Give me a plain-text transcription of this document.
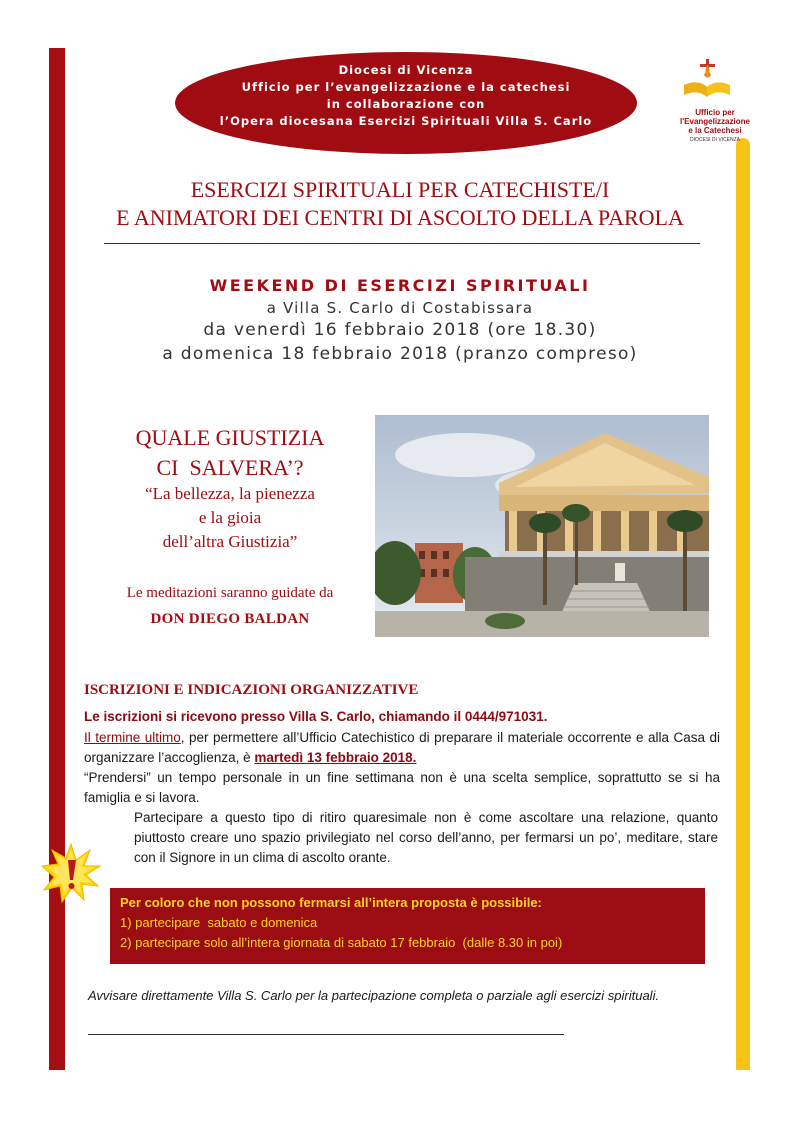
Diocesi di Vicenza
Ufficio per l’evangelizzazione e la catechesi
in collaborazione con
l’Opera diocesana Esercizi Spirituali Villa S. Carlo
Ufficio per l'Evangelizzazione
e la Catechesi
DIOCESI DI VICENZA
ESERCIZI SPIRITUALI PER CATECHISTE/I
E ANIMATORI DEI CENTRI DI ASCOLTO DELLA PAROLA
WEEKEND DI ESERCIZI SPIRITUALI
a Villa S. Carlo di Costabissara
da venerdì 16 febbraio 2018 (ore 18.30)
a domenica 18 febbraio 2018 (pranzo compreso)
QUALE GIUSTIZIA
CI  SALVERA’?
“La bellezza, la pienezza
e la gioia
dell’altra Giustizia”
Le meditazioni saranno guidate da
DON DIEGO BALDAN
ISCRIZIONI E INDICAZIONI ORGANIZZATIVE
Le iscrizioni si ricevono presso Villa S. Carlo, chiamando il 0444/971031.
Il termine ultimo, per permettere all’Ufficio Catechistico di preparare il materiale occorrente e alla Casa di organizzare l’accoglienza, è martedì 13 febbraio 2018.
“Prendersi” un tempo personale in un fine settimana non è una scelta semplice, soprattutto se si ha famiglia e si lavora.
Partecipare a questo tipo di ritiro quaresimale non è come ascoltare una relazione, quanto piuttosto creare uno spazio privilegiato nel corso dell’anno, per fermarsi un po’, meditare, stare con il Signore in un clima di ascolto orante.
Per coloro che non possono fermarsi all’intera proposta è possibile:
1) partecipare  sabato e domenica
2) partecipare solo all’intera giornata di sabato 17 febbraio  (dalle 8.30 in poi)
Avvisare direttamente Villa S. Carlo per la partecipazione completa o parziale agli esercizi spirituali.
